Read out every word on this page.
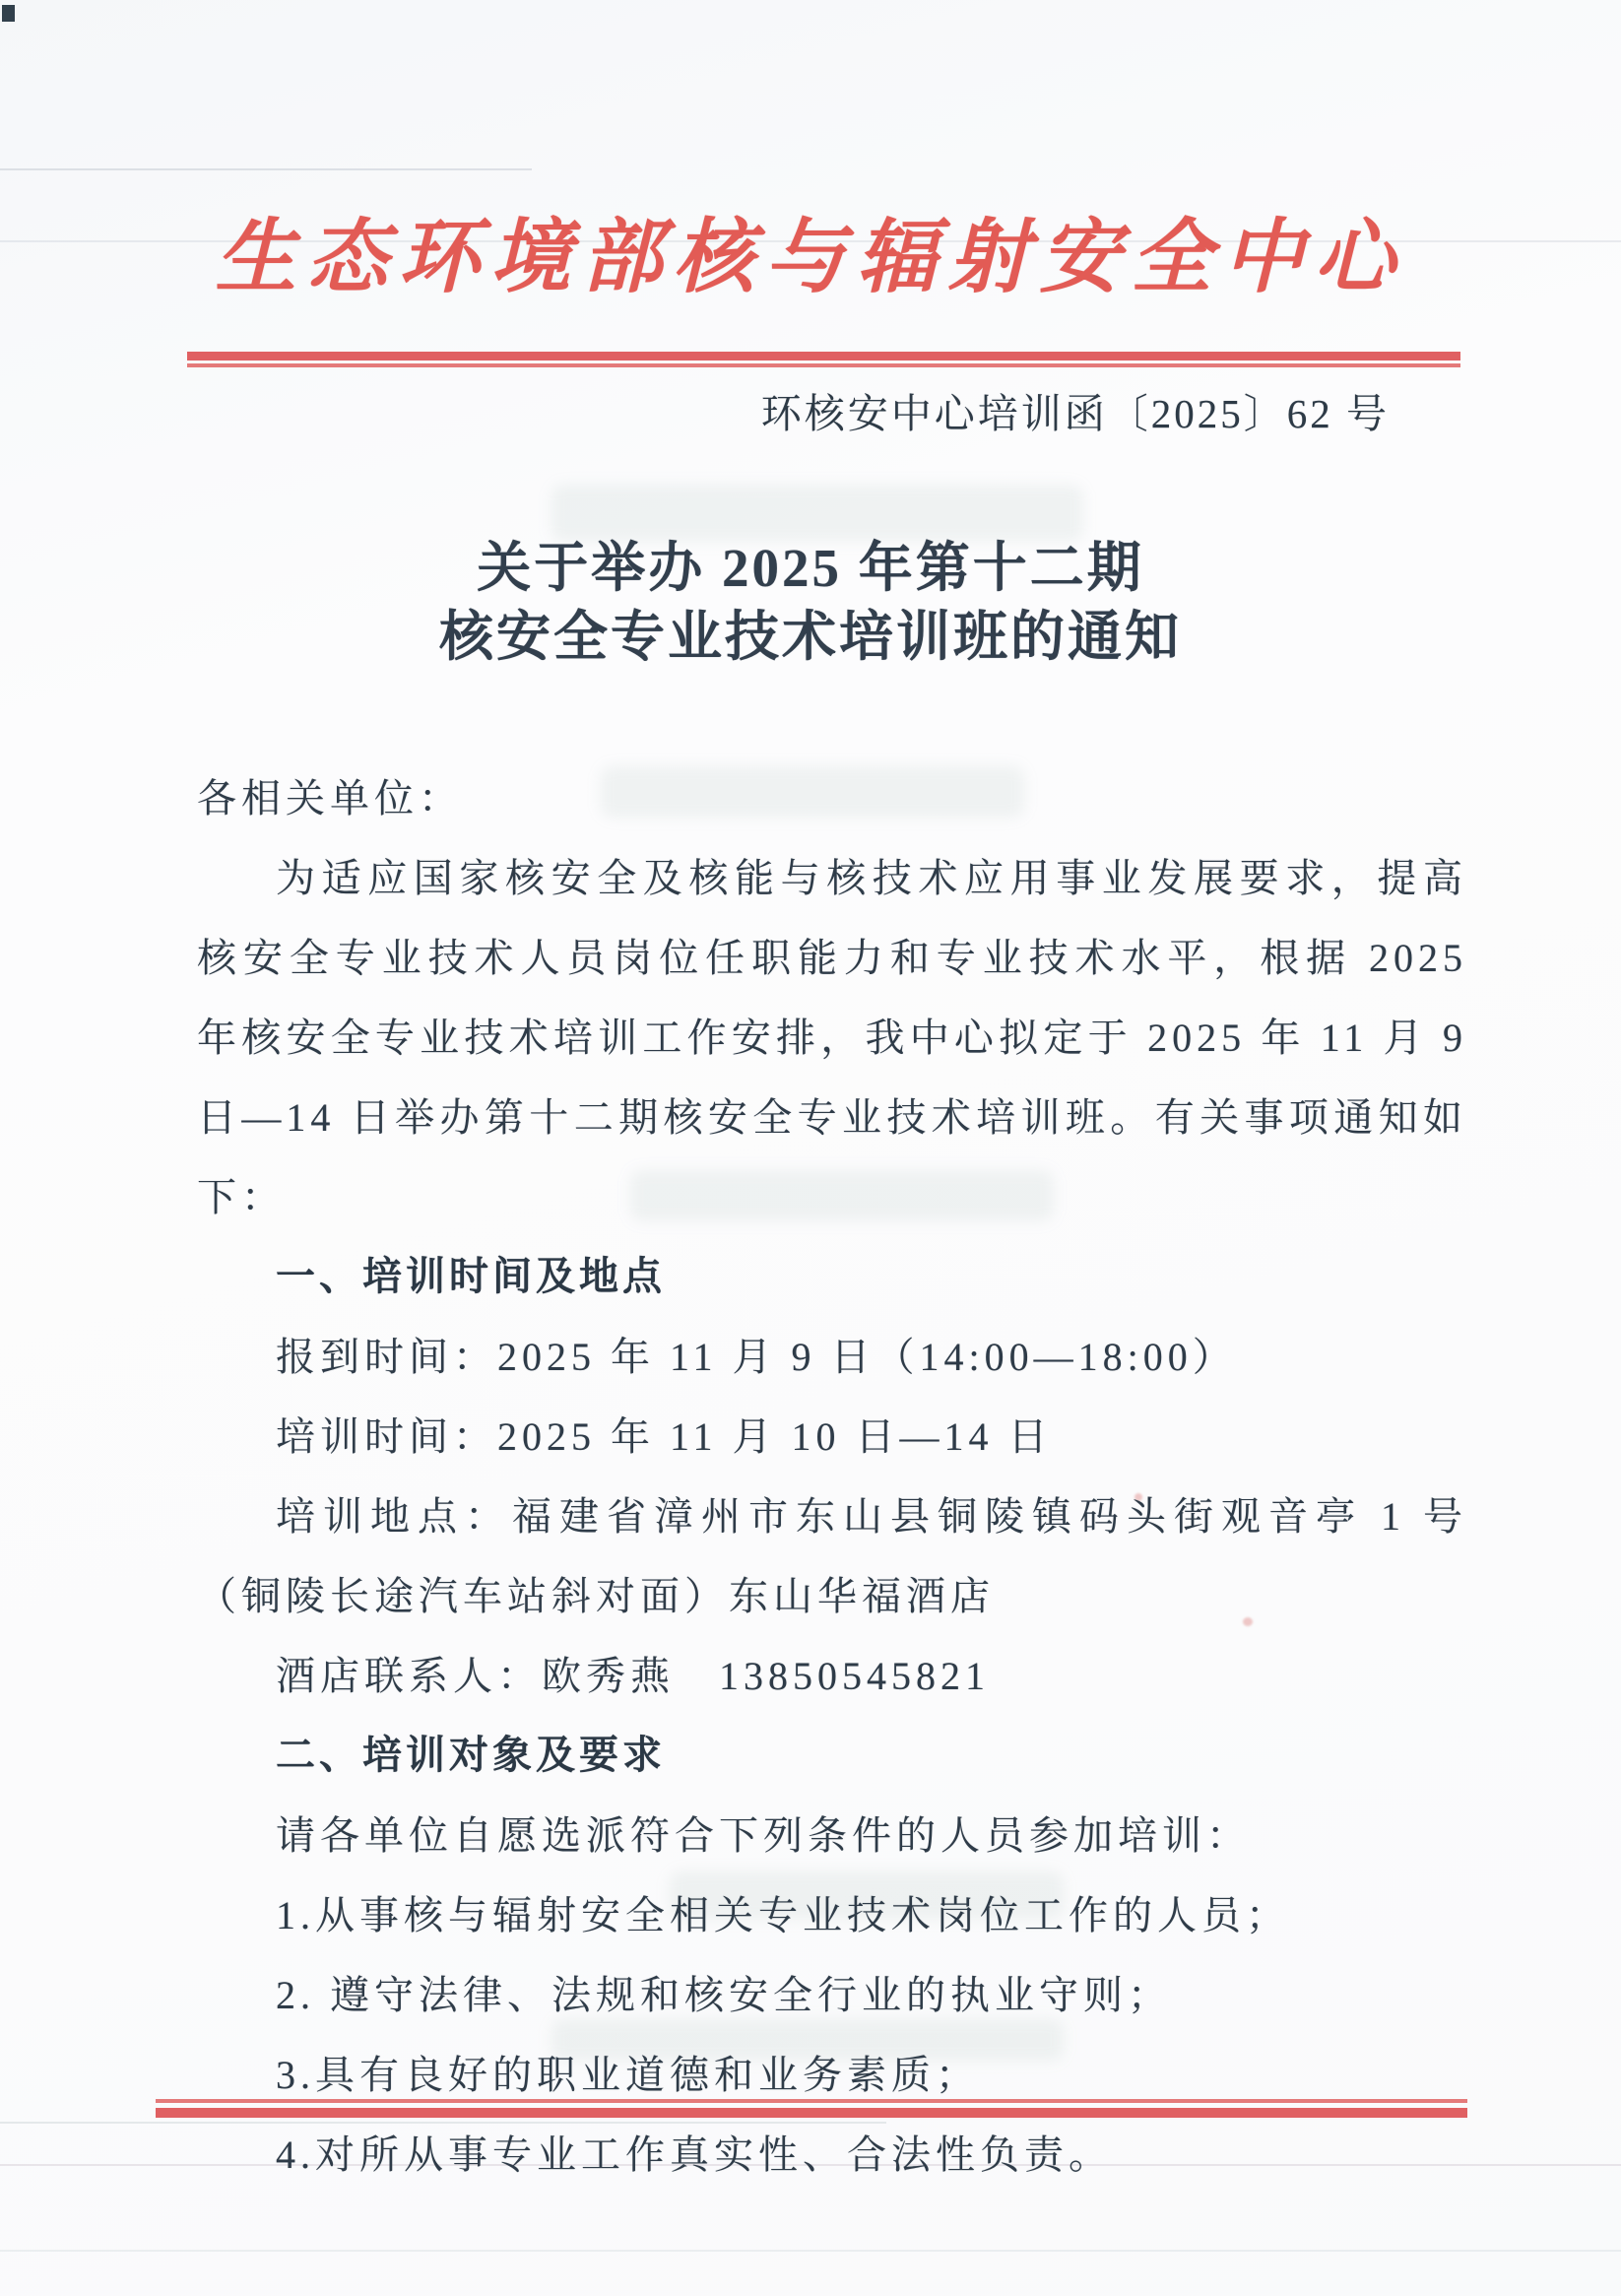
生态环境部核与辐射安全中心
环核安中心培训函〔2025〕62 号
关于举办 2025 年第十二期
核安全专业技术培训班的通知

各相关单位：

为适应国家核安全及核能与核技术应用事业发展要求，提高核安全专业技术人员岗位任职能力和专业技术水平，根据 2025 年核安全专业技术培训工作安排，我中心拟定于 2025 年 11 月 9 日—14 日举办第十二期核安全专业技术培训班。有关事项通知如下：

一、培训时间及地点

报到时间：2025 年 11 月 9 日（14:00—18:00）

培训时间：2025 年 11 月 10 日—14 日

培训地点：福建省漳州市东山县铜陵镇码头街观音亭 1 号（铜陵长途汽车站斜对面）东山华福酒店

酒店联系人：欧秀燕　13850545821

二、培训对象及要求

请各单位自愿选派符合下列条件的人员参加培训：

1.从事核与辐射安全相关专业技术岗位工作的人员；

2. 遵守法律、法规和核安全行业的执业守则；

3.具有良好的职业道德和业务素质；

4.对所从事专业工作真实性、合法性负责。
